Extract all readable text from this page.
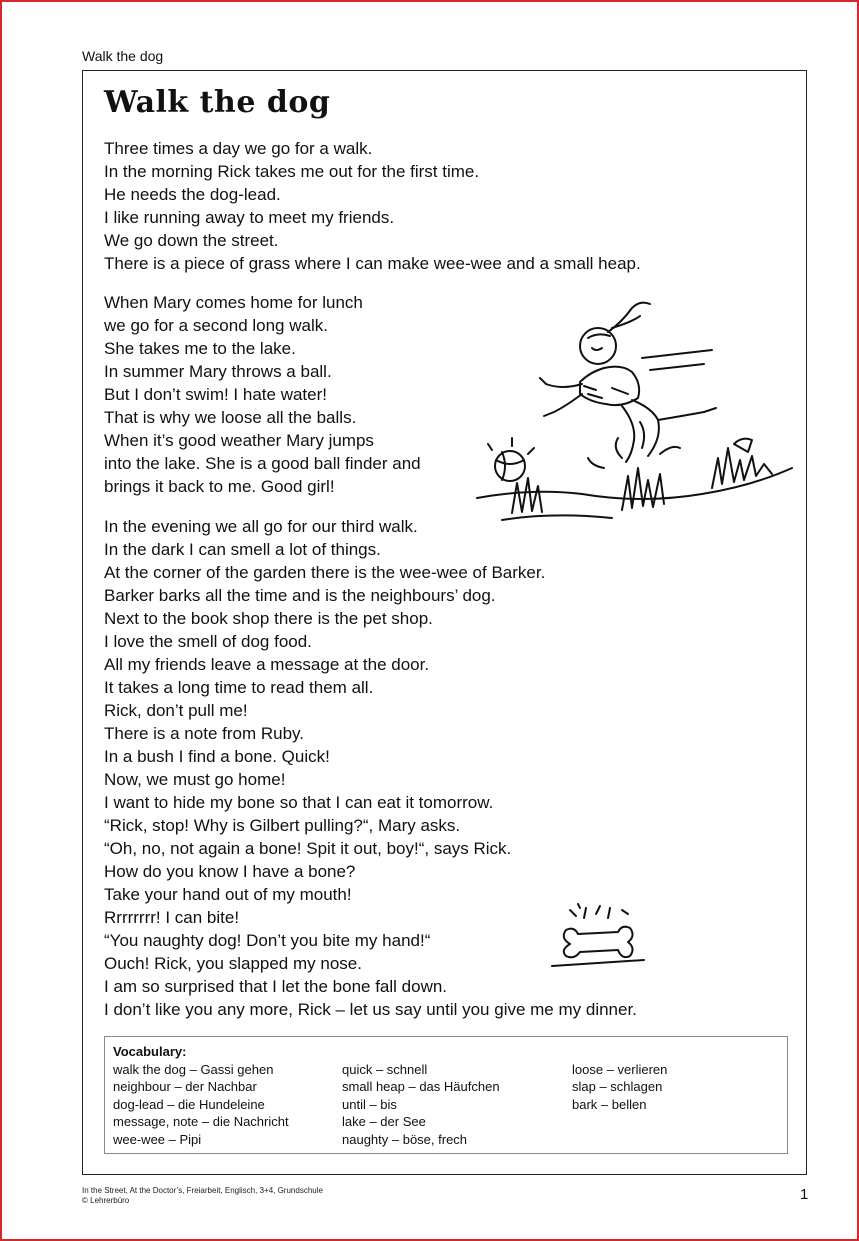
Walk the dog
Walk the dog
Three times a day we go for a walk.
In the morning Rick takes me out for the first time.
He needs the dog-lead.
I like running away to meet my friends.
We go down the street.
There is a piece of grass where I can make wee-wee and a small heap.
When Mary comes home for lunch
we go for a second long walk.
She takes me to the lake.
In summer Mary throws a ball.
But I don’t swim! I hate water!
That is why we loose all the balls.
When it’s good weather Mary jumps
into the lake. She is a good ball finder and
brings it back to me. Good girl!
In the evening we all go for our third walk.
In the dark I can smell a lot of things.
At the corner of the garden there is the wee-wee of Barker.
Barker barks all the time and is the neighbours’ dog.
Next to the book shop there is the pet shop.
I love the smell of dog food.
All my friends leave a message at the door.
It takes a long time to read them all.
Rick, don’t pull me!
There is a note from Ruby.
In a bush I find a bone. Quick!
Now, we must go home!
I want to hide my bone so that I can eat it tomorrow.
“Rick, stop! Why is Gilbert pulling?“, Mary asks.
“Oh, no, not again a bone! Spit it out, boy!“, says Rick.
How do you know I have a bone?
Take your hand out of my mouth!
Rrrrrrrr! I can bite!
“You naughty dog! Don’t you bite my hand!“
Ouch! Rick, you slapped my nose.
I am so surprised that I let the bone fall down.
I don’t like you any more, Rick – let us say until you give me my dinner.
Vocabulary:
walk the dog – Gassi gehen
neighbour – der Nachbar
dog-lead – die Hundeleine
message, note – die Nachricht
wee-wee – Pipi
quick – schnell
small heap – das Häufchen
until – bis
lake – der See
naughty – böse, frech
loose – verlieren
slap – schlagen
bark – bellen
In the Street, At the Doctor’s, Freiarbeit, Englisch, 3+4, Grundschule
© Lehrerbüro	1
